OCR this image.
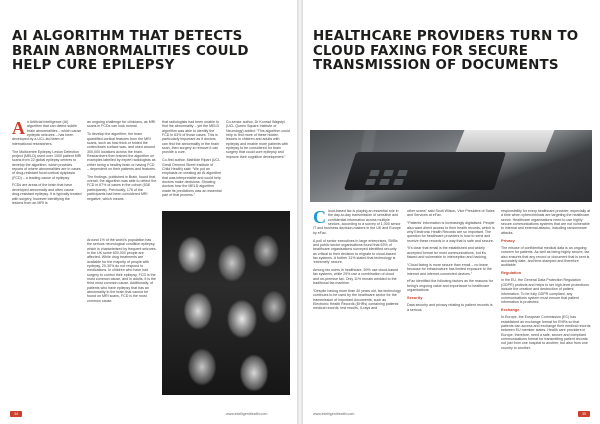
AI ALGORITHM THAT DETECTS BRAIN ABNORMALITIES COULD HELP CURE EPILEPSY

An Artificial Intelligence (AI) algorithm that can detect subtle brain abnormalities – which cause epileptic seizures – has been developed by a UCL-led team of international researchers.

The Multicentre Epilepsy Lesion Detection project (MELD) used over 1000 patient MRI scans from 22 global epilepsy centres to develop the algorithm, which provides reports of where abnormalities are in cases of drug-resistant focal cortical dysplasia (FCD) – a leading cause of epilepsy.

FCDs are areas of the brain that have developed abnormally and often cause drug-resistant epilepsy. It is typically treated with surgery, however identifying the lesions from an MRI is

an ongoing challenge for clinicians, as MRI scans in FCDs can look normal.

To develop the algorithm, the team quantified cortical features from the MRI scans, such as how thick or folded the cortex/brain surface was, and used around 300,000 locations across the brain. Researchers then trained the algorithm on examples labelled by expert radiologists as either being a healthy brain or having FCD – dependent on their patterns and features.

The findings, published in Brain, found that, overall, the algorithm was able to detect the FCD in 67% of cases in the cohort (538 participants). Previously, 178 of the participants had been considered MRI negative, which means

that radiologists had been unable to find the abnormality – yet the MELD algorithm was able to identify the FCD in 63% of those cases. This is particularly important as if doctors can find the abnormality in the brain scan, then surgery to remove it can provide a cure.

Co-first author, Mathilde Ripart (UCL Great Ormond Street Institute of Child Health) said: “We put an emphasis on creating an AI algorithm that was interpretable and could help doctors make decisions. Showing doctors how the MELD algorithm made its predictions was an essential part of that process.”

Co-senior author, Dr Konrad Wagstyl (UCL Queen Square Institute of Neurology) added: “This algorithm could help to find more of these hidden lesions in children and adults with epilepsy and enable more patients with epilepsy to be considered for brain surgery that could cure epilepsy and improve their cognitive development.”

Around 1% of the world's population has the serious neurological condition epilepsy, which is characterised by frequent seizures. In the UK some 600,000 people are affected. While drug treatments are available for the majority of people with epilepsy, 20-30% do not respond to medications. In children who have had surgery to control their epilepsy, FCD is the most common cause, and in adults, it is the third most common cause. Additionally, of patients who have epilepsy that has an abnormality in the brain that cannot be found on MRI scans, FCD is the most common cause.

34	www.intelligenthealth.com
HEALTHCARE PROVIDERS TURN TO CLOUD FAXING FOR SECURE TRANSMISSION OF DOCUMENTS

Cloud-based fax is playing an essential role in the day-to-day transmission of sensitive and confidential information across multiple sectors, according to a survey of 1,000 senior IT and business decision-makers in the UK and Europe by eFax.

A poll of senior executives in large enterprises, SMBs and public sector organisations found that 63% of healthcare organisations surveyed identified security as critical to their decision to migrate to cloud-based fax systems. A further 31% stated that technology is 'extremely' secure.

Among fax users in healthcare, 59% use cloud-based fax systems, while 29% use a combination of cloud and on-premise fax. Only 11% remain wedded to the traditional fax machine.

“Despite having more than 40 years old, fax technology continues to be used by the healthcare sector for the transmission of important documents, such as Electronic Health Records (EHRs) containing patients' medical records, test results, X-rays and

other scans" said Scott Wilson, Vice President of Sales and Services at eFax.

“Patients' information is increasingly digitalised. People also want direct access to their health records, which is why Electronic Health Records are so important. The question for healthcare providers is how to send and receive these records in a way that is safe and secure.

“It's clear that email is the established and widely accepted format for most communications, but it's flawed and vulnerable to interception and hacking.

“Cloud faxing is more secure than email – no leave because for infrastructure has limited exposure to the internet and internet-connected devices.”

eFax identified the following factors as the reasons for being's ongoing value and importance to healthcare organisations:

Security

Data security and privacy relating to patient records is a serious

responsibility for every healthcare provider, especially at a time when cybercriminals are targeting the healthcare sector. Healthcare organisations need to use highly secure communications systems that are not vulnerable to internal and external attacks, including ransomware attacks.

Privacy

The misuse of confidential medical data is an ongoing concern for patients. As well as being highly secure, fax also ensures that any record or document that is sent is accurately date- and time-stamped and therefore auditable.

Regulation

In the EU, the General Data Protection Regulation (GDPR) protects and helps to set high-level protections include the creation and destruction of patient information. To be fully GDPR compliant, any communications system must ensure that patient information is protected.

Exchange

In Europe, the European Commission (EC) has established an exchange format for EHRs so that patients can access and exchange their medical records between EU member states. Health care providers in Europe, therefore, need a safe, secure and compliant communications format for transmitting patient records not just from one hospital to another, but also from one country to another.

www.intelligenthealth.com	35
